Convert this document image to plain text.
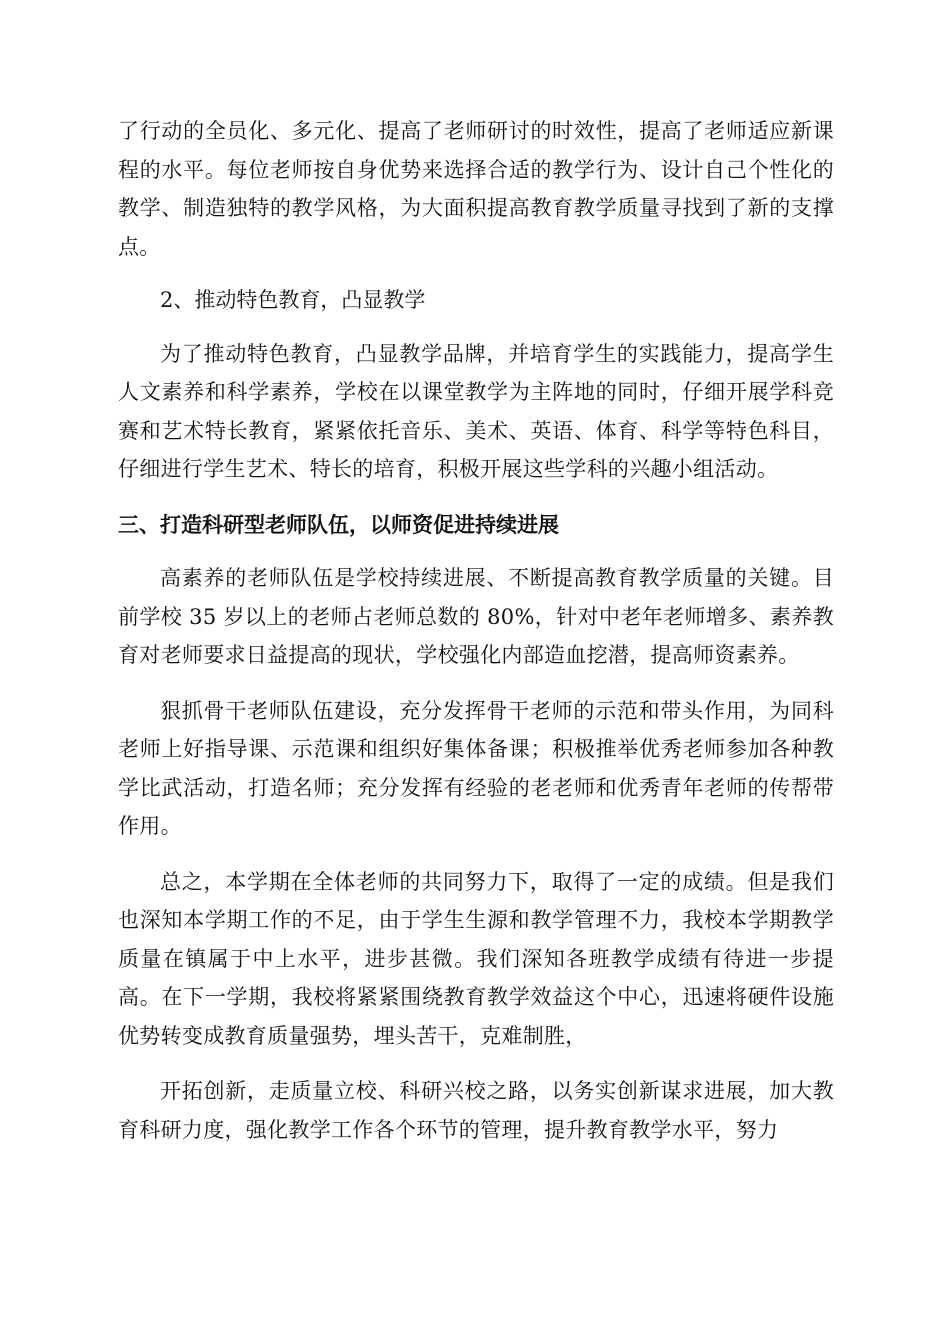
了行动的全员化、多元化、提高了老师研讨的时效性，提高了老师适应新课程的水平。每位老师按自身优势来选择合适的教学行为、设计自己个性化的教学、制造独特的教学风格，为大面积提高教育教学质量寻找到了新的支撑点。

2、推动特色教育，凸显教学

为了推动特色教育，凸显教学品牌，并培育学生的实践能力，提高学生人文素养和科学素养，学校在以课堂教学为主阵地的同时，仔细开展学科竞赛和艺术特长教育，紧紧依托音乐、美术、英语、体育、科学等特色科目，仔细进行学生艺术、特长的培育，积极开展这些学科的兴趣小组活动。

三、打造科研型老师队伍，以师资促进持续进展

高素养的老师队伍是学校持续进展、不断提高教育教学质量的关键。目前学校 35 岁以上的老师占老师总数的 80%，针对中老年老师增多、素养教育对老师要求日益提高的现状，学校强化内部造血挖潜，提高师资素养。

狠抓骨干老师队伍建设，充分发挥骨干老师的示范和带头作用，为同科老师上好指导课、示范课和组织好集体备课；积极推举优秀老师参加各种教学比武活动，打造名师；充分发挥有经验的老老师和优秀青年老师的传帮带作用。

总之，本学期在全体老师的共同努力下，取得了一定的成绩。但是我们也深知本学期工作的不足，由于学生生源和教学管理不力，我校本学期教学质量在镇属于中上水平，进步甚微。我们深知各班教学成绩有待进一步提高。在下一学期，我校将紧紧围绕教育教学效益这个中心，迅速将硬件设施优势转变成教育质量强势，埋头苦干，克难制胜，

开拓创新，走质量立校、科研兴校之路，以务实创新谋求进展，加大教育科研力度，强化教学工作各个环节的管理，提升教育教学水平，努力
